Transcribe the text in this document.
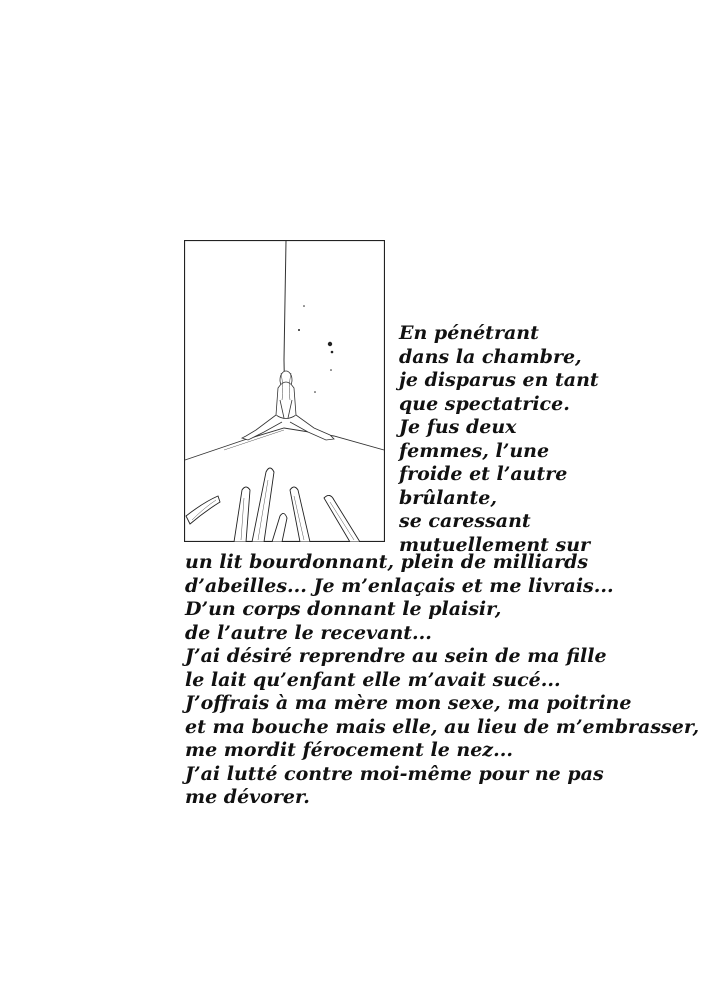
En pénétrant
dans la chambre,
je disparus en tant
que spectatrice.
Je fus deux
femmes, l’une
froide et l’autre
brûlante,
se caressant
mutuellement sur
un lit bourdonnant, plein de milliards
d’abeilles... Je m’enlaçais et me livrais...
D’un corps donnant le plaisir,
de l’autre le recevant...
J’ai désiré reprendre au sein de ma fille
le lait qu’enfant elle m’avait sucé...
J’offrais à ma mère mon sexe, ma poitrine
et ma bouche mais elle, au lieu de m’embrasser,
me mordit férocement le nez...
J’ai lutté contre moi-même pour ne pas
me dévorer.
